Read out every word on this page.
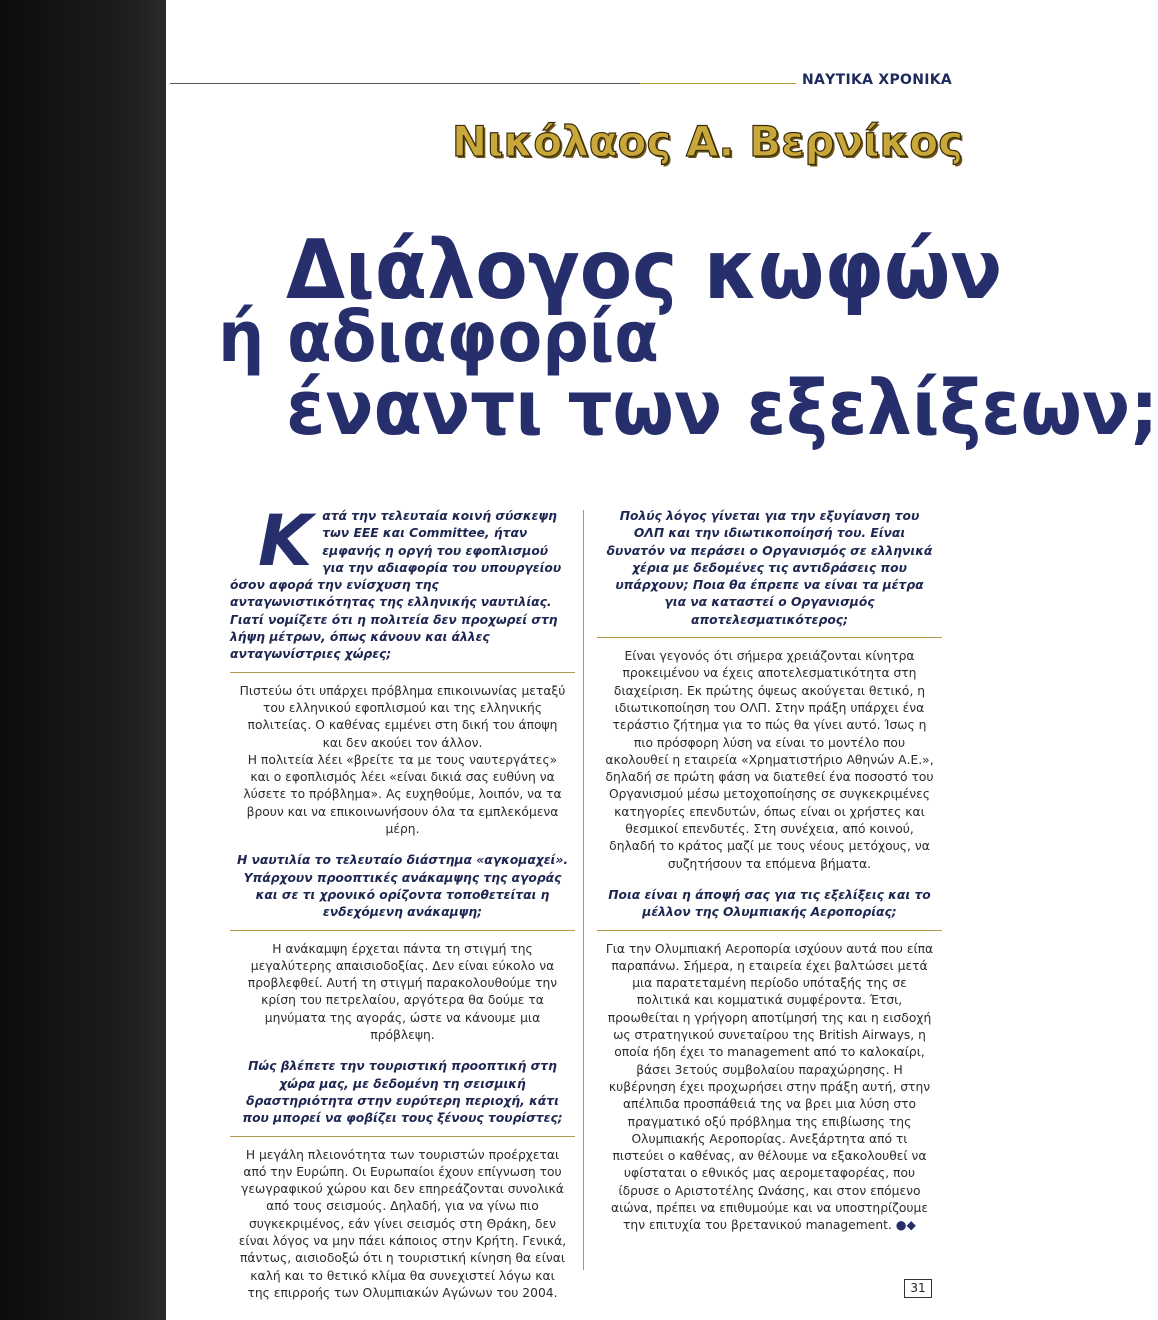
ΝΑΥΤΙΚΑ ΧΡΟΝΙΚΑ
Νικόλαος Α. Βερνίκος
Διάλογος κωφών
ή αδιαφορία
έναντι των εξελίξεων;
Κατά την τελευταία κοινή σύσκεψη των ΕΕΕ και Committee, ήταν εμφανής η οργή του εφοπλισμού για την αδιαφορία του υπουργείου όσον αφορά την ενίσχυση της ανταγωνιστικότητας της ελληνικής ναυτιλίας. Γιατί νομίζετε ότι η πολιτεία δεν προχωρεί στη λήψη μέτρων, όπως κάνουν και άλλες ανταγωνίστριες χώρες;

Πιστεύω ότι υπάρχει πρόβλημα επικοινωνίας μεταξύ του ελληνικού εφοπλισμού και της ελληνικής πολιτείας. Ο καθένας εμμένει στη δική του άποψη και δεν ακούει τον άλλον.

Η πολιτεία λέει «βρείτε τα με τους ναυτεργάτες» και ο εφοπλισμός λέει «είναι δικιά σας ευθύνη να λύσετε το πρόβλημα». Ας ευχηθούμε, λοιπόν, να τα βρουν και να επικοινωνήσουν όλα τα εμπλεκόμενα μέρη.

Η ναυτιλία το τελευταίο διάστημα «αγκομαχεί». Υπάρχουν προοπτικές ανάκαμψης της αγοράς και σε τι χρονικό ορίζοντα τοποθετείται η ενδεχόμενη ανάκαμψη;

Η ανάκαμψη έρχεται πάντα τη στιγμή της μεγαλύτερης απαισιοδοξίας. Δεν είναι εύκολο να προβλεφθεί. Αυτή τη στιγμή παρακολουθούμε την κρίση του πετρελαίου, αργότερα θα δούμε τα μηνύματα της αγοράς, ώστε να κάνουμε μια πρόβλεψη.

Πώς βλέπετε την τουριστική προοπτική στη χώρα μας, με δεδομένη τη σεισμική δραστηριότητα στην ευρύτερη περιοχή, κάτι που μπορεί να φοβίζει τους ξένους τουρίστες;

Η μεγάλη πλειονότητα των τουριστών προέρχεται από την Ευρώπη. Οι Ευρωπαίοι έχουν επίγνωση του γεωγραφικού χώρου και δεν επηρεάζονται συνολικά από τους σεισμούς. Δηλαδή, για να γίνω πιο συγκεκριμένος, εάν γίνει σεισμός στη Θράκη, δεν είναι λόγος να μην πάει κάποιος στην Κρήτη. Γενικά, πάντως, αισιοδοξώ ότι η τουριστική κίνηση θα είναι καλή και το θετικό κλίμα θα συνεχιστεί λόγω και της επιρροής των Ολυμπιακών Αγώνων του 2004.

Πολύς λόγος γίνεται για την εξυγίανση του ΟΛΠ και την ιδιωτικοποίησή του. Είναι δυνατόν να περάσει ο Οργανισμός σε ελληνικά χέρια με δεδομένες τις αντιδράσεις που υπάρχουν; Ποια θα έπρεπε να είναι τα μέτρα για να καταστεί ο Οργανισμός αποτελεσματικότερος;

Είναι γεγονός ότι σήμερα χρειάζονται κίνητρα προκειμένου να έχεις αποτελεσματικότητα στη διαχείριση. Εκ πρώτης όψεως ακούγεται θετικό, η ιδιωτικοποίηση του ΟΛΠ. Στην πράξη υπάρχει ένα τεράστιο ζήτημα για το πώς θα γίνει αυτό. Ίσως η πιο πρόσφορη λύση να είναι το μοντέλο που ακολουθεί η εταιρεία «Χρηματιστήριο Αθηνών Α.Ε.», δηλαδή σε πρώτη φάση να διατεθεί ένα ποσοστό του Οργανισμού μέσω μετοχοποίησης σε συγκεκριμένες κατηγορίες επενδυτών, όπως είναι οι χρήστες και θεσμικοί επενδυτές. Στη συνέχεια, από κοινού, δηλαδή το κράτος μαζί με τους νέους μετόχους, να συζητήσουν τα επόμενα βήματα.

Ποια είναι η άποψή σας για τις εξελίξεις και το μέλλον της Ολυμπιακής Αεροπορίας;

Για την Ολυμπιακή Αεροπορία ισχύουν αυτά που είπα παραπάνω. Σήμερα, η εταιρεία έχει βαλτώσει μετά μια παρατεταμένη περίοδο υπόταξής της σε πολιτικά και κομματικά συμφέροντα. Έτσι, προωθείται η γρήγορη αποτίμησή της και η εισδοχή ως στρατηγικού συνεταίρου της British Airways, η οποία ήδη έχει το management από το καλοκαίρι, βάσει 3ετούς συμβολαίου παραχώρησης. Η κυβέρνηση έχει προχωρήσει στην πράξη αυτή, στην απέλπιδα προσπάθειά της να βρει μια λύση στο πραγματικό οξύ πρόβλημα της επιβίωσης της Ολυμπιακής Αεροπορίας. Ανεξάρτητα από τι πιστεύει ο καθένας, αν θέλουμε να εξακολουθεί να υφίσταται ο εθνικός μας αερομεταφορέας, που ίδρυσε ο Αριστοτέλης Ωνάσης, και στον επόμενο αιώνα, πρέπει να επιθυμούμε και να υποστηρίζουμε την επιτυχία του βρετανικού management. ●◆

31
